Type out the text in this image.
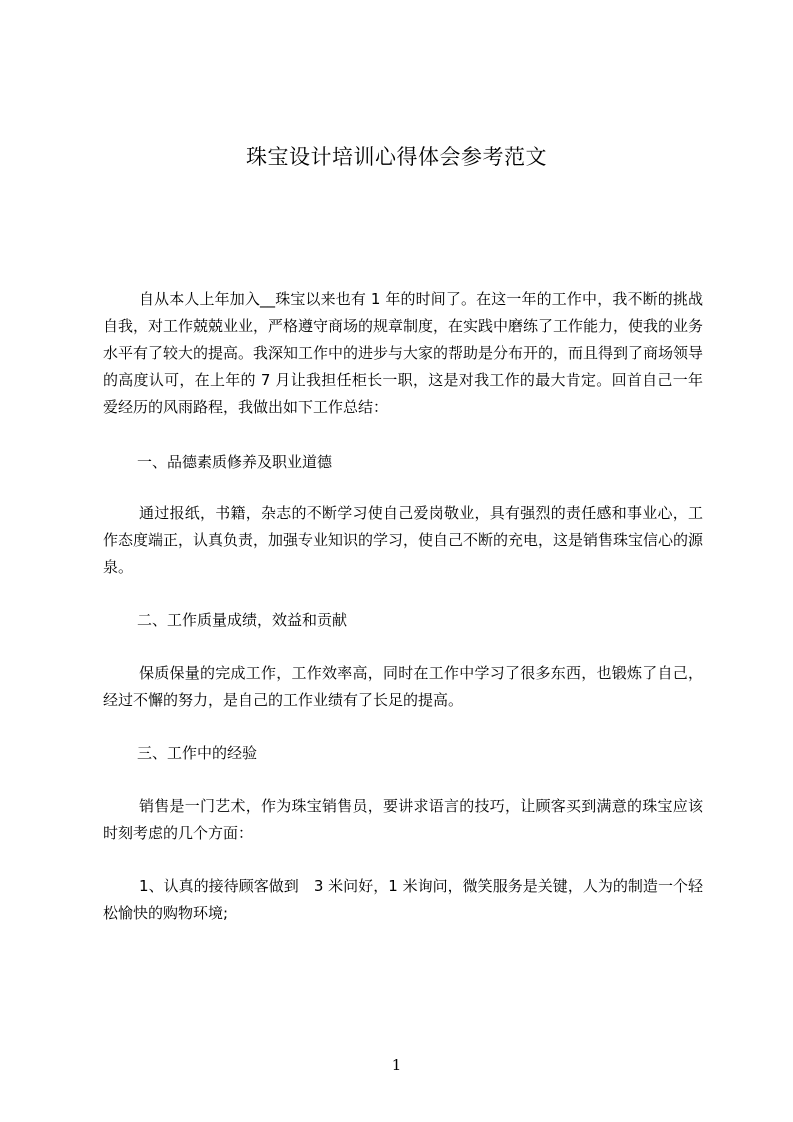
珠宝设计培训心得体会参考范文

自从本人上年加入__珠宝以来也有 1 年的时间了。在这一年的工作中，我不断的挑战自我，对工作兢兢业业，严格遵守商场的规章制度，在实践中磨练了工作能力，使我的业务水平有了较大的提高。我深知工作中的进步与大家的帮助是分布开的，而且得到了商场领导的高度认可，在上年的 7 月让我担任柜长一职，这是对我工作的最大肯定。回首自己一年爱经历的风雨路程，我做出如下工作总结：

一、品德素质修养及职业道德

通过报纸，书籍，杂志的不断学习使自己爱岗敬业，具有强烈的责任感和事业心，工作态度端正，认真负责，加强专业知识的学习，使自己不断的充电，这是销售珠宝信心的源泉。

二、工作质量成绩，效益和贡献

保质保量的完成工作，工作效率高，同时在工作中学习了很多东西，也锻炼了自己，经过不懈的努力，是自己的工作业绩有了长足的提高。

三、工作中的经验

销售是一门艺术，作为珠宝销售员，要讲求语言的技巧，让顾客买到满意的珠宝应该时刻考虑的几个方面：

1、认真的接待顾客做到　3 米问好，1 米询问，微笑服务是关键，人为的制造一个轻松愉快的购物环境;

1
